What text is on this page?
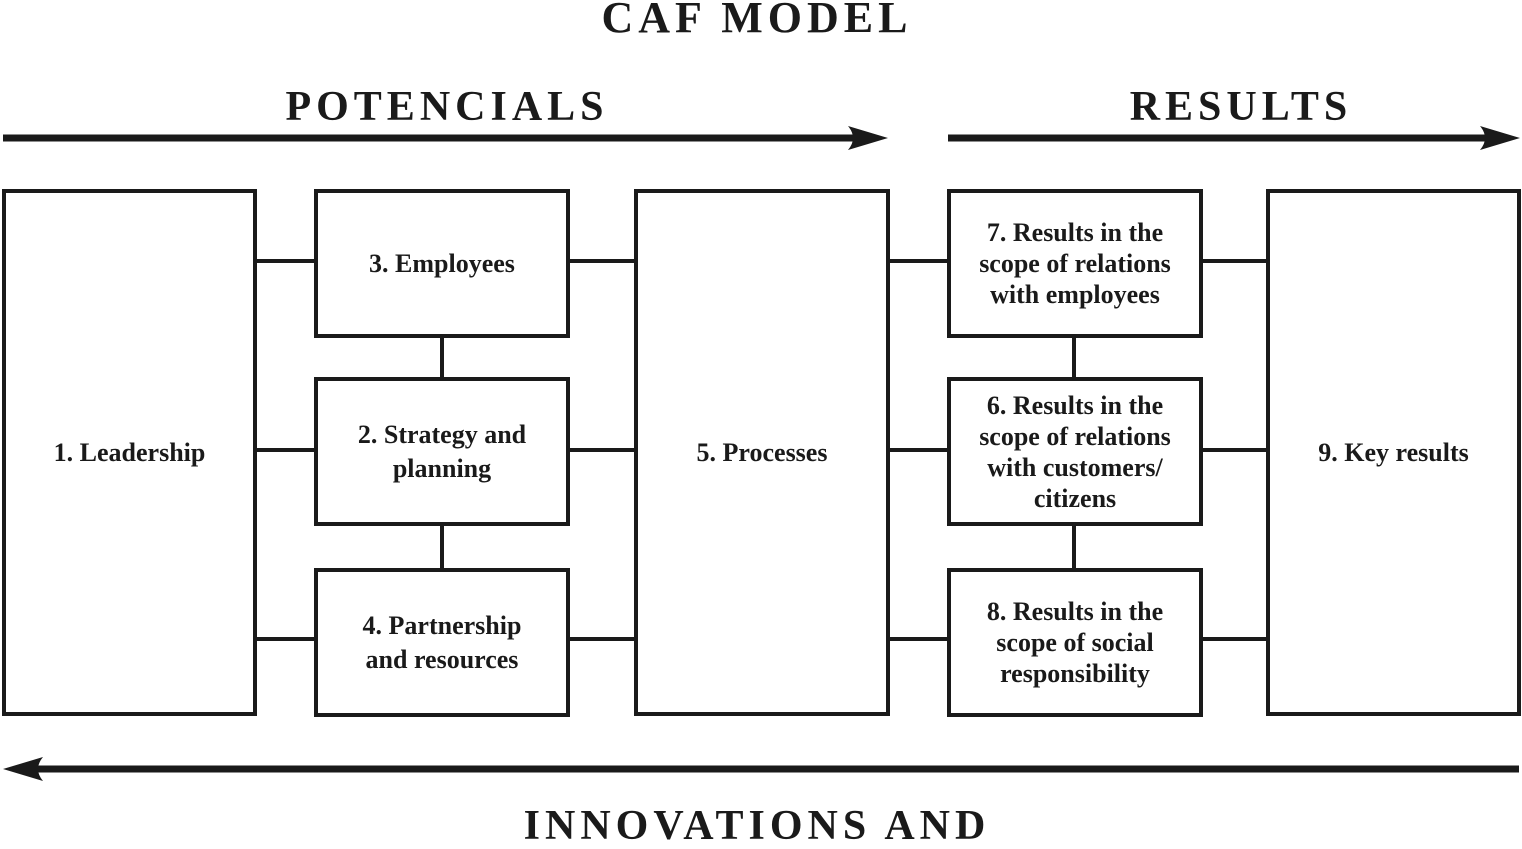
CAF MODEL
POTENCIALS	RESULTS
INNOVATIONS AND
1. Leadership
3. Employees
2. Strategy and planning
4. Partnership and resources
5. Processes
7. Results in the scope of relations with employees
6. Results in the scope of relations with customers/ citizens
8. Results in the scope of social responsibility
9. Key results
